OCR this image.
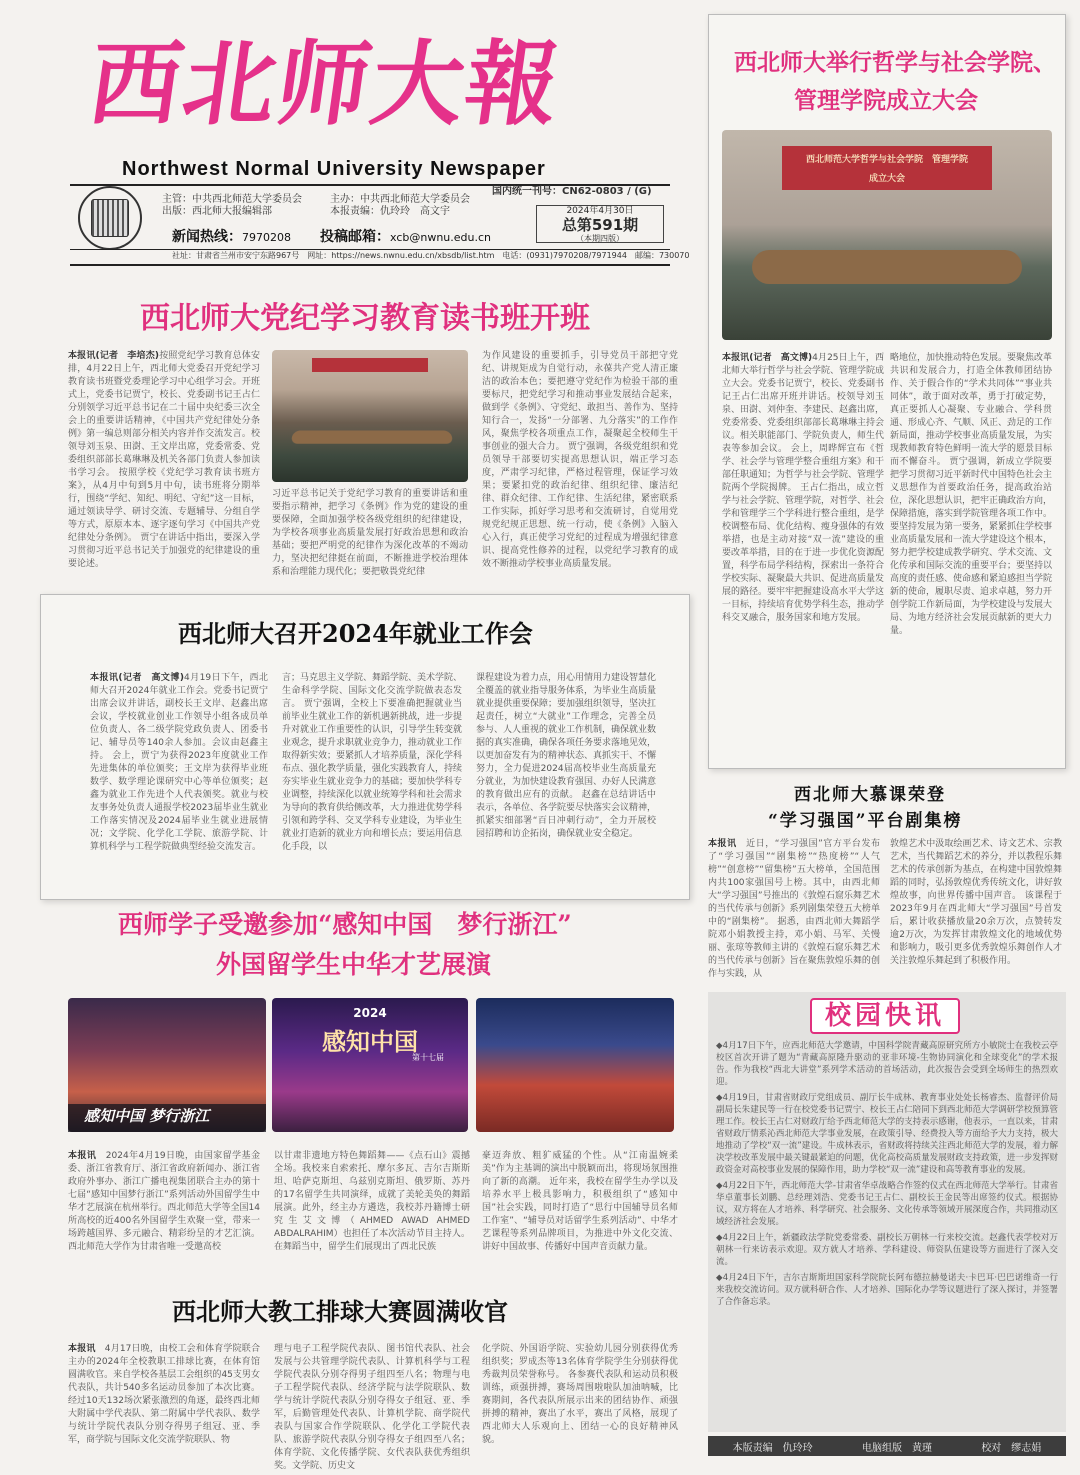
西北师大報
Northwest Normal University Newspaper
国内统一刊号：CN62-0803 / (G)
主管：中共西北师范大学委员会	主办：中共西北师范大学委员会
出版：西北师大报编辑部	本报责编：仇玲玲　高文宇
新闻热线：7970208 投稿邮箱：xcb@nwnu.edu.cn
2024年4月30日
总第591期
（本期四版）
社址：甘肃省兰州市安宁东路967号　网址：https://news.nwnu.edu.cn/xbsdb/list.htm　电话：(0931)7970208/7971944　邮编：730070
西北师大党纪学习教育读书班开班
本报讯(记者　李培杰)按照党纪学习教育总体安排，4月22日上午，西北师大党委召开党纪学习教育读书班暨党委理论学习中心组学习会。开班式上，党委书记贾宁，校长、党委副书记王占仁分别领学习近平总书记在二十届中央纪委三次全会上的重要讲话精神，《中国共产党纪律处分条例》第一编总则部分相关内容并作交流发言。校领导刘玉泉、田澍、王文岸出席，党委常委、党委组织部部长葛琳琳及机关各部门负责人参加读书学习会。 按照学校《党纪学习教育读书班方案》，从4月中旬到5月中旬，读书班将分期举行，围绕“学纪、知纪、明纪、守纪”这一目标，通过领读导学、研讨交流、专题辅导、分组自学等方式，原原本本、逐字逐句学习《中国共产党纪律处分条例》。 贾宁在讲话中指出，要深入学习贯彻习近平总书记关于加强党的纪律建设的重要论述。
习近平总书记关于党纪学习教育的重要讲话和重要指示精神，把学习《条例》作为党的建设的重要保障，全面加强学校各级党组织的纪律建设，为学校各项事业高质量发展打好政治思想和政治基础；要把严明党的纪律作为深化改革的不竭动力，坚决把纪律挺在前面，不断推进学校治理体系和治理能力现代化；要把敬畏党纪律
为作风建设的重要抓手，引导党员干部把守党纪、讲规矩成为自觉行动，永葆共产党人清正廉洁的政治本色；要把遵守党纪作为检验干部的重要标尺，把党纪学习和推动事业发展结合起来，做到学《条例》、守党纪、敢担当、善作为、坚持知行合一，发扬“一分部署、九分落实”的工作作风，聚焦学校各项重点工作，凝聚起全校师生干事创业的强大合力。 贾宁强调，各级党组织和党员领导干部要切实提高思想认识，端正学习态度，严肃学习纪律，严格过程管理，保证学习效果；要紧扣党的政治纪律、组织纪律、廉洁纪律、群众纪律、工作纪律、生活纪律，紧密联系工作实际，抓好学习思考和交流研讨，自觉用党规党纪规正思想、统一行动，使《条例》入脑入心入行，真正使学习党纪的过程成为增强纪律意识、提高党性修养的过程，以党纪学习教育的成效不断推动学校事业高质量发展。
西北师大召开2024年就业工作会
本报讯(记者　高文博)4月19日下午，西北师大召开2024年就业工作会。党委书记贾宁出席会议并讲话，副校长王文岸、赵鑫出席会议，学校就业创业工作领导小组各成员单位负责人、各二级学院党政负责人、团委书记、辅导员等140余人参加。会议由赵鑫主持。 会上，贾宁为获得2023年度就业工作先进集体的单位颁奖；王文岸为获得毕业班数学、数学理论课研究中心等单位颁奖；赵鑫为就业工作先进个人代表颁奖。就业与校友事务处负责人通报学校2023届毕业生就业工作落实情况及2024届毕业生就业进展情况；文学院、化学化工学院、旅游学院、计算机科学与工程学院做典型经验交流发言。
言；马克思主义学院、舞蹈学院、美术学院、生命科学学院、国际文化交流学院做表态发言。 贾宁强调，全校上下要准确把握就业当前毕业生就业工作的新机遇新挑战，进一步提升对就业工作重要性的认识，引导学生转变就业观念，提升求职就业竞争力，推动就业工作取得新实效；要紧抓人才培养质量，深化学科布点、强化教学质量，强化实践教育人，持续夯实毕业生就业竞争力的基础；要加快学科专业调整，持续深化以就业统筹学科和社会需求为导向的教育供给侧改革，大力推进优势学科引领和跨学科、交叉学科专业建设，为毕业生就业打造新的就业方向和增长点；要运用信息化手段，以
课程建设为着力点，用心用情用力建设智慧化全覆盖的就业指导服务体系，为毕业生高质量就业提供重要保障；要加强组织领导，坚决扛起责任，树立“大就业”工作理念，完善全员参与、人人重视的就业工作机制，确保就业数据的真实准确，确保各项任务要求落地见效，以更加奋发有为的精神状态、真抓实干、不懈努力，全力促进2024届高校毕业生高质量充分就业，为加快建设教育强国、办好人民满意的教育做出应有的贡献。 赵鑫在总结讲话中表示，各单位、各学院要尽快落实会议精神，抓紧实细部署“百日冲刺行动”，全力开展校园招聘和访企拓岗，确保就业安全稳定。
西师学子受邀参加“感知中国　梦行浙江”
外国留学生中华才艺展演
感知中国 梦行浙江
2024
感知中国
第十七届
本报讯　 2024年4月19日晚，由国家留学基金委、浙江省教育厅、浙江省政府新闻办、浙江省政府外事办、浙江广播电视集团联合主办的第十七届“感知中国梦行浙江”系列活动外国留学生中华才艺展演在杭州举行。西北师范大学等全国14所高校的近400名外国留学生欢聚一堂，带来一场跨越国界、多元融合、精彩纷呈的才艺汇演。 西北师范大学作为甘肃省唯一受邀高校
以甘肃非遗地方特色舞蹈舞——《点石山》震撼全场。我校来自索索托、摩尔多瓦、吉尔吉斯斯坦、哈萨克斯坦、乌兹别克斯坦、俄罗斯、苏丹的17名留学生共同演绎，成就了美轮美奂的舞蹈展演。此外，经主办方遴选，我校苏丹籍博士研究生艾文博（AHMED AWAD AHMED ABDALRAHIM）也担任了本次活动节目主持人。 在舞蹈当中，留学生们展现出了西北民族
豪迈奔放、粗犷威猛的个性。从“江南温婉柔美”作为主基调的演出中脱颖而出，将现场氛围推向了新的高潮。 近年来，我校在留学生办学以及培养水平上极具影响力，积极组织了“感知中国”社会实践，同时打造了“思行中国辅导员名师工作室”、“辅导员对话留学生系列活动”、中华才艺课程等系列品牌项目，为推进中外文化交流、讲好中国故事、传播好中国声音贡献力量。
西北师大教工排球大赛圆满收官
本报讯　 4月17日晚，由校工会和体育学院联合主办的2024年全校教职工排球比赛，在体育馆圆满收官。来自学校各基层工会组织的45支男女代表队，共计540多名运动员参加了本次比赛。 经过10天132场次紧张激烈的角逐，最终西北师大附属中学代表队、第二附属中学代表队、数学与统计学院代表队分别夺得男子组冠、亚、季军，商学院与国际文化交流学院联队、物
理与电子工程学院代表队、图书馆代表队、社会发展与公共管理学院代表队、计算机科学与工程学院代表队分别夺得男子组四至八名；物理与电子工程学院代表队、经济学院与法学院联队、数学与统计学院代表队分别夺得女子组冠、亚、季军，后勤管理处代表队、计算机学院、商学院代表队与国家合作学院联队、化学化工学院代表队、旅游学院代表队分别夺得女子组四至八名；体育学院、文化传播学院、女代表队获优秀组织奖。文学院、历史文
化学院、外国语学院、实验幼儿园分别获得优秀组织奖；罗成杰等13名体育学院学生分别获得优秀裁判员荣誉称号。 各参赛代表队和运动员积极训练，顽强拼搏，赛场周围啦啦队加油呐喊，比赛期间，各代表队所展示出来的团结协作、顽强拼搏的精神，赛出了水平，赛出了风格，展现了西北师大人乐观向上、团结一心的良好精神风貌。
西北师大举行哲学与社会学院、
管理学院成立大会
西北师范大学哲学与社会学院　管理学院
成立大会
本报讯(记者　高文博)4月25日上午，西北师大举行哲学与社会学院、管理学院成立大会。党委书记贾宁，校长、党委副书记王占仁出席开班并讲话。校领导刘玉泉、田澍、刘仲奎、李建民、赵鑫出席，党委常委、党委组织部部长葛琳琳主持会议。相关职能部门、学院负责人，师生代表等参加会议。 会上，周晔辉宣布《哲学、社会学与管理学整合重组方案》和干部任职通知；为哲学与社会学院、管理学院两个学院揭牌。 王占仁指出，成立哲学与社会学院、管理学院，对哲学、社会学和管理学三个学科进行整合重组，是学校调整布局、优化结构、瘦身强体的有效举措，也是主动对接“双一流”建设的重要改革举措，目的在于进一步优化资源配置，科学布局学科结构，探索出一条符合学校实际、凝聚最大共识、促进高质量发展的路径。要牢牢把握建设高水平大学这一目标，持续培育优势学科生态，推动学科交叉融合，服务国家和地方发展。
略地位，加快推动特色发展。要聚焦改革共识和发展合力，打造全体教师团结协作、关于假合作的“学术共同体”“事业共同体”，敢于面对改革，勇于打破定势，真正要抓人心凝聚、专业融合、学科贯通、形成心齐、气顺、风正、劲足的工作新局面，推动学校事业高质量发展，为实现教师教育特色鲜明一流大学的愿景目标而不懈奋斗。 贾宁强调，新成立学院要把学习贯彻习近平新时代中国特色社会主义思想作为首要政治任务，提高政治站位，深化思想认识，把牢正确政治方向，保障措施，落实到学院管理各项工作中。要坚持发展为第一要务，紧紧抓住学校事业高质量发展和一流大学建设这个根本，努力把学校建成教学研究、学术交流、文化传承和国际交流的重要平台；要坚持以高度的责任感、使命感和紧迫感担当学院新的使命，履职尽责、追求卓越，努力开创学院工作新局面，为学校建设与发展大局、为地方经济社会发展贡献新的更大力量。
西北师大慕课荣登
“学习强国”平台剧集榜
本报讯　 近日，“学习强国”官方平台发布了“学习强国”“剧集榜”“热度榜”“人气榜”“创意榜”“留集榜”五大榜单，全国范围内共100家强国号上榜。其中，由西北师大“学习强国”号推出的《敦煌石窟乐舞艺术的当代传承与创新》系列剧集荣登五大榜单中的“剧集榜”。 据悉，由西北师大舞蹈学院邓小娟教授主持，邓小娟、马军、关慢丽、张琼等教师主讲的《敦煌石窟乐舞艺术的当代传承与创新》旨在聚焦敦煌乐舞的创作与实践，从
敦煌艺术中汲取绘画艺术、诗文艺术、宗教艺术，当代舞蹈艺术的养分，并以教程乐舞艺术的传承创新为基点，在构建中国敦煌舞蹈的同时，弘扬敦煌优秀传统文化，讲好敦煌故事，向世界传播中国声音。 该课程于2023年9月在西北师大“学习强国”号首发后，累计收获播放量20余万次，点赞转发逾2万次，为发挥甘肃敦煌文化的地域优势和影响力，吸引更多优秀敦煌乐舞创作人才关注敦煌乐舞起到了积极作用。
校园快讯

◆4月17日下午，应西北师范大学邀请，中国科学院青藏高原研究所方小敏院士在我校云亭校区首次开讲了题为“青藏高原隆升驱动的亚非环境-生物协同演化和全球变化”的学术报告。作为我校“西北大讲堂”系列学术活动的首场活动，此次报告会受到全场师生的热烈欢迎。

◆4月19日，甘肃省财政厅党组成员、副厅长牛成林、教育事业处处长杨睿杰、监督评价局副局长朱建民等一行在校党委书记贾宁、校长王占仁陪同下到西北师范大学调研学校预算管理工作。校长王占仁对财政厅给予西北师范大学的支持表示感谢，他表示，一直以来，甘肃省财政厅情系沁西北师范大学事业发展，在政策引导、经费投入等方面给予大力支持，极大地推动了学校“双一流”建设。牛成林表示，省财政将持续关注西北师范大学的发展，着力解决学校改革发展中最关键最紧迫的问题，优化高校高质量发展财政支持政策，进一步发挥财政资金对高校事业发展的保障作用，助力学校“双一流”建设和高等教育事业的发展。

◆4月22日下午，西北师范大学-甘肃省华卓战略合作签约仪式在西北师范大学举行。甘肃省华卓董事长刘鹏、总经理刘浩、党委书记王占仁、副校长王金民等出席签约仪式。根据协议，双方将在人才培养、科学研究、社会服务、文化传承等领域开展深度合作，共同推动区域经济社会发展。

◆4月22日上午，新疆政法学院党委常委、副校长万朝林一行来校交流。赵鑫代表学校对万朝林一行来访表示欢迎。双方就人才培养、学科建设、师资队伍建设等方面进行了深入交流。

◆4月24日下午，吉尔吉斯斯坦国家科学院院长阿布德拉赫曼诺夫·卡巴耳·巴巴诺维奇一行来我校交流访问。双方就科研合作、人才培养、国际化办学等议题进行了深入探讨，并签署了合作备忘录。

本版责编　仇玲玲	电脑组版　黄瑾	校对　缪志娟
